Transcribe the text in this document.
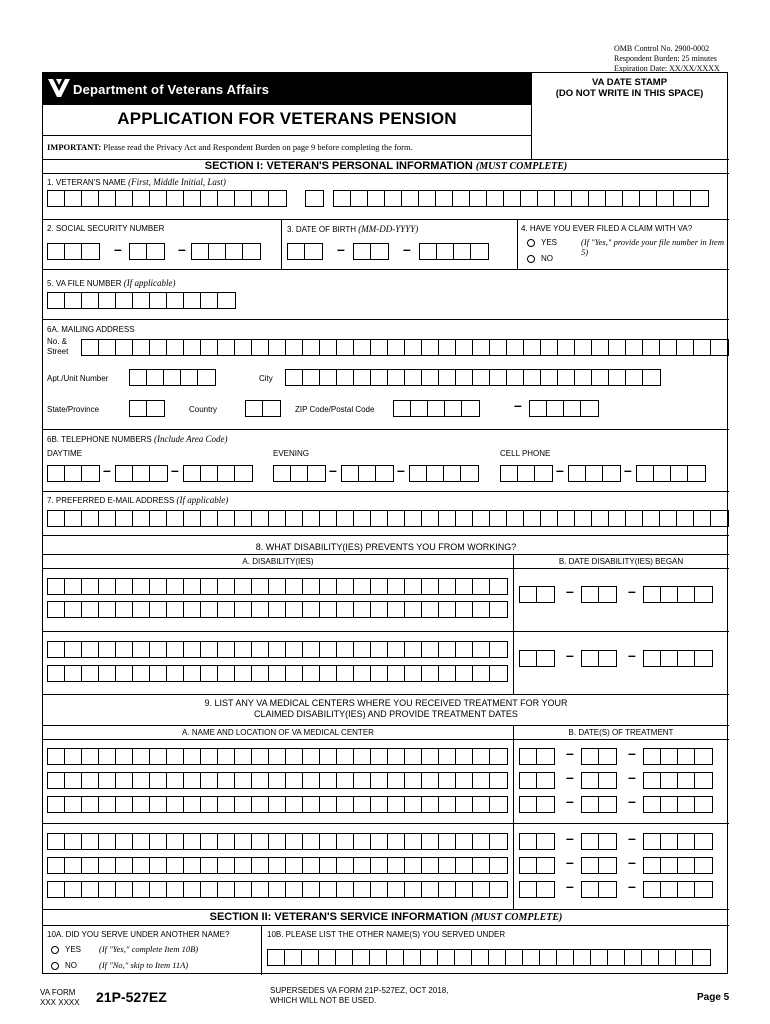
OMB Control No. 2900-0002
Respondent Burden: 25 minutes
Expiration Date: XX/XX/XXXX
Department of Veterans Affairs	VA DATE STAMP
(DO NOT WRITE IN THIS SPACE)
APPLICATION FOR VETERANS PENSION
IMPORTANT: Please read the Privacy Act and Respondent Burden on page 9 before completing the form.
SECTION I: VETERAN'S PERSONAL INFORMATION (MUST COMPLETE)
1. VETERAN'S NAME (First, Middle Initial, Last)
2. SOCIAL SECURITY NUMBER
–	–
3. DATE OF BIRTH (MM-DD-YYYY)
–	–
4. HAVE YOU EVER FILED A CLAIM WITH VA?
YES
NO
(If "Yes," provide your file number in Item 5)
5. VA FILE NUMBER (If applicable)
6A. MAILING ADDRESS
No. &
Street
Apt./Unit Number	City
State/Province	Country	ZIP Code/Postal Code	–
6B. TELEPHONE NUMBERS (Include Area Code)
DAYTIME
–	–
EVENING
–	–
CELL PHONE
–	–
7. PREFERRED E-MAIL ADDRESS (If applicable)
8. WHAT DISABILITY(IES) PREVENTS YOU FROM WORKING?
A. DISABILITY(IES)	B. DATE DISABILITY(IES) BEGAN
–	–
–	–
9. LIST ANY VA MEDICAL CENTERS WHERE YOU RECEIVED TREATMENT FOR YOUR
CLAIMED DISABILITY(IES) AND PROVIDE TREATMENT DATES
A. NAME AND LOCATION OF VA MEDICAL CENTER	B. DATE(S) OF TREATMENT
–	–
–	–
–	–
–	–
–	–
–	–
SECTION II: VETERAN'S SERVICE INFORMATION (MUST COMPLETE)
10A. DID YOU SERVE UNDER ANOTHER NAME?
YES (If "Yes," complete Item 10B)
NO	(If "No," skip to Item 11A)
10B. PLEASE LIST THE OTHER NAME(S) YOU SERVED UNDER
VA FORM
XXX XXXX 21P-527EZ	SUPERSEDES VA FORM 21P-527EZ, OCT 2018,
WHICH WILL NOT BE USED.	Page 5
